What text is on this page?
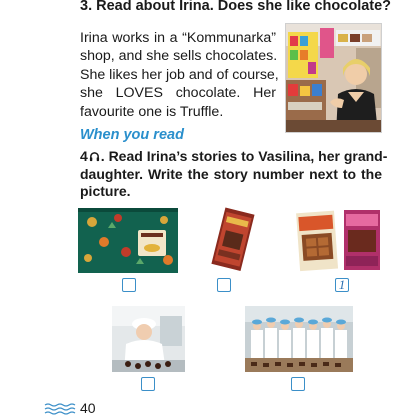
3. Read about Irina. Does she like chocolate?
Irina works in a “Kommunarka”
shop, and she sells chocolates.
She likes her job and of course,
she LOVES chocolate. Her
favourite one is Truffle.
When you read
4 . Read Irina’s stories to Vasilina, her grand-
daughter. Write the story number next to the
picture.
1
40
